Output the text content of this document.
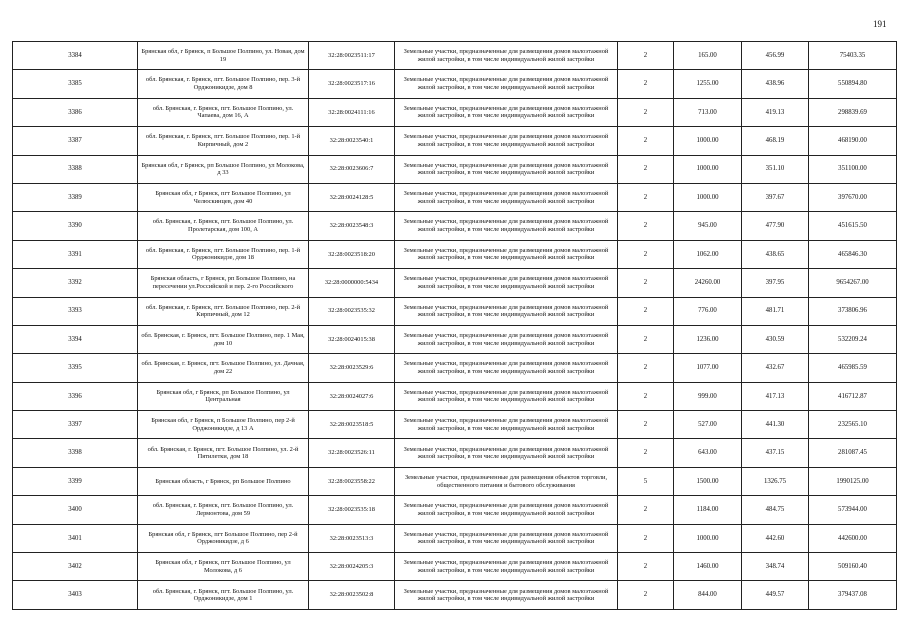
191
3384	Брянская обл, г Брянск, п Большое Полпино, ул. Новая, дом 19	32:28:0023511:17	Земельные участки, предназначенные для размещения домов малоэтажной жилой застройки, в том числе индивидуальной жилой застройки	2	165.00	456.99	75403.35
3385	обл. Брянская, г. Брянск, пгт. Большое Полпино, пер. 3-й Орджоникидзе, дом 8	32:28:0023517:16	Земельные участки, предназначенные для размещения домов малоэтажной жилой застройки, в том числе индивидуальной жилой застройки	2	1255.00	438.96	550894.80
3386	обл. Брянская, г. Брянск, пгт. Большое Полпино, ул. Чапаева, дом 16, А	32:28:0024111:16	Земельные участки, предназначенные для размещения домов малоэтажной жилой застройки, в том числе индивидуальной жилой застройки	2	713.00	419.13	298839.69
3387	обл. Брянская, г. Брянск, пгт. Большое Полпино, пер. 1-й Кирпичный, дом 2	32:28:0023540:1	Земельные участки, предназначенные для размещения домов малоэтажной жилой застройки, в том числе индивидуальной жилой застройки	2	1000.00	468.19	468190.00
3388	Брянская обл, г Брянск, рп Большое Полпино, ул Молокова, д 33	32:28:0023606:7	Земельные участки, предназначенные для размещения домов малоэтажной жилой застройки, в том числе индивидуальной жилой застройки	2	1000.00	351.10	351100.00
3389	Брянская обл, г Брянск, пгт Большое Полпино, ул Челюскинцев, дом 40	32:28:0024128:5	Земельные участки, предназначенные для размещения домов малоэтажной жилой застройки, в том числе индивидуальной жилой застройки	2	1000.00	397.67	397670.00
3390	обл. Брянская, г. Брянск, пгт. Большое Полпино, ул. Пролетарская, дом 100, А	32:28:0023548:3	Земельные участки, предназначенные для размещения домов малоэтажной жилой застройки, в том числе индивидуальной жилой застройки	2	945.00	477.90	451615.50
3391	обл. Брянская, г. Брянск, пгт. Большое Полпино, пер. 1-й Орджоникидзе, дом 18	32:28:0023518:20	Земельные участки, предназначенные для размещения домов малоэтажной жилой застройки, в том числе индивидуальной жилой застройки	2	1062.00	438.65	465846.30
3392	Брянская область, г Брянск, рп Большое Полпино, на пересечении ул.Российской и пер. 2-го Российского	32:28:0000000:5434	Земельные участки, предназначенные для размещения домов малоэтажной жилой застройки, в том числе индивидуальной жилой застройки	2	24260.00	397.95	9654267.00
3393	обл. Брянская, г. Брянск, пгт. Большое Полпино, пер. 2-й Кирпичный, дом 12	32:28:0023535:32	Земельные участки, предназначенные для размещения домов малоэтажной жилой застройки, в том числе индивидуальной жилой застройки	2	776.00	481.71	373806.96
3394	обл. Брянская, г. Брянск, пгт. Большое Полпино, пер. 1 Мая, дом 10	32:28:0024015:38	Земельные участки, предназначенные для размещения домов малоэтажной жилой застройки, в том числе индивидуальной жилой застройки	2	1236.00	430.59	532209.24
3395	обл. Брянская, г. Брянск, пгт. Большое Полпино, ул. Дачная, дом 22	32:28:0023529:6	Земельные участки, предназначенные для размещения домов малоэтажной жилой застройки, в том числе индивидуальной жилой застройки	2	1077.00	432.67	465985.59
3396	Брянская обл, г Брянск, рп Большое Полпино, ул Центральная	32:28:0024027:6	Земельные участки, предназначенные для размещения домов малоэтажной жилой застройки, в том числе индивидуальной жилой застройки	2	999.00	417.13	416712.87
3397	Брянская обл, г Брянск, п Большое Полпино, пер 2-й Орджоникидзе, д 13 А	32:28:0023518:5	Земельные участки, предназначенные для размещения домов малоэтажной жилой застройки, в том числе индивидуальной жилой застройки	2	527.00	441.30	232565.10
3398	обл. Брянская, г. Брянск, пгт. Большое Полпино, ул. 2-й Пятилетки, дом 18	32:28:0023526:11	Земельные участки, предназначенные для размещения домов малоэтажной жилой застройки, в том числе индивидуальной жилой застройки	2	643.00	437.15	281087.45
3399	Брянская область, г Брянск, рп Большое Полпино	32:28:0023558:22	Земельные участки, предназначенные для размещения объектов торговли, общественного питания и бытового обслуживания	5	1500.00	1326.75	1990125.00
3400	обл. Брянская, г. Брянск, пгт. Большое Полпино, ул. Лермонтова, дом 59	32:28:0023535:18	Земельные участки, предназначенные для размещения домов малоэтажной жилой застройки, в том числе индивидуальной жилой застройки	2	1184.00	484.75	573944.00
3401	Брянская обл, г Брянск, пгт Большое Полпино, пер 2-й Орджоникидзе, д 6	32:28:0023513:3	Земельные участки, предназначенные для размещения домов малоэтажной жилой застройки, в том числе индивидуальной жилой застройки	2	1000.00	442.60	442600.00
3402	Брянская обл, г Брянск, пгт Большое Полпино, ул Молокова, д 6	32:28:0024205:3	Земельные участки, предназначенные для размещения домов малоэтажной жилой застройки, в том числе индивидуальной жилой застройки	2	1460.00	348.74	509160.40
3403	обл. Брянская, г. Брянск, пгт. Большое Полпино, ул. Орджоникидзе, дом 1	32:28:0023502:8	Земельные участки, предназначенные для размещения домов малоэтажной жилой застройки, в том числе индивидуальной жилой застройки	2	844.00	449.57	379437.08
